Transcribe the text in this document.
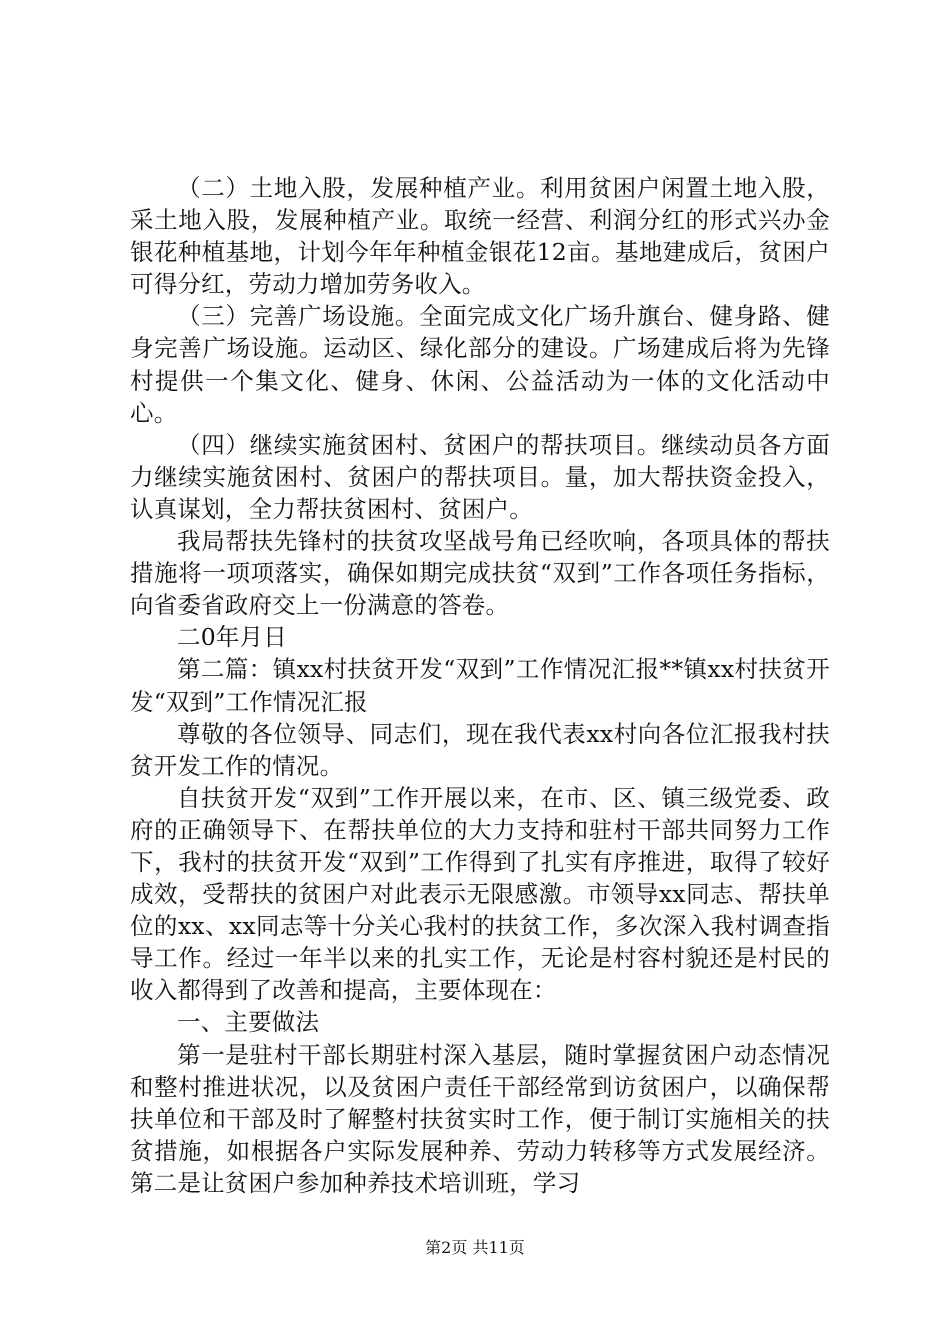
（二）土地入股，发展种植产业。利用贫困户闲置土地入股，采土地入股，发展种植产业。取统一经营、利润分红的形式兴办金银花种植基地，计划今年年种植金银花12亩。基地建成后，贫困户可得分红，劳动力增加劳务收入。

（三）完善广场设施。全面完成文化广场升旗台、健身路、健身完善广场设施。运动区、绿化部分的建设。广场建成后将为先锋村提供一个集文化、健身、休闲、公益活动为一体的文化活动中心。

（四）继续实施贫困村、贫困户的帮扶项目。继续动员各方面力继续实施贫困村、贫困户的帮扶项目。量，加大帮扶资金投入，认真谋划，全力帮扶贫困村、贫困户。

我局帮扶先锋村的扶贫攻坚战号角已经吹响，各项具体的帮扶措施将一项项落实，确保如期完成扶贫“双到”工作各项任务指标，向省委省政府交上一份满意的答卷。

二0年月日

第二篇：镇xx村扶贫开发“双到”工作情况汇报**镇xx村扶贫开发“双到”工作情况汇报

尊敬的各位领导、同志们，现在我代表xx村向各位汇报我村扶贫开发工作的情况。

自扶贫开发“双到”工作开展以来，在市、区、镇三级党委、政府的正确领导下、在帮扶单位的大力支持和驻村干部共同努力工作下，我村的扶贫开发“双到”工作得到了扎实有序推进，取得了较好成效，受帮扶的贫困户对此表示无限感激。市领导xx同志、帮扶单位的xx、xx同志等十分关心我村的扶贫工作，多次深入我村调查指导工作。经过一年半以来的扎实工作，无论是村容村貌还是村民的收入都得到了改善和提高，主要体现在：

一、主要做法

第一是驻村干部长期驻村深入基层，随时掌握贫困户动态情况和整村推进状况，以及贫困户责任干部经常到访贫困户，以确保帮扶单位和干部及时了解整村扶贫实时工作，便于制订实施相关的扶贫措施，如根据各户实际发展种养、劳动力转移等方式发展经济。第二是让贫困户参加种养技术培训班，学习

第2页 共11页
